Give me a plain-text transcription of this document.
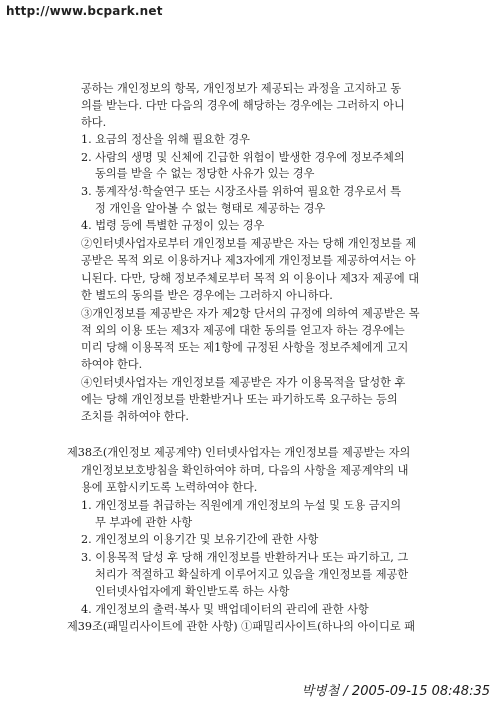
http://www.bcpark.net
공하는 개인정보의 항목, 개인정보가 제공되는 과정을 고지하고 동
의를 받는다. 다만 다음의 경우에 해당하는 경우에는 그러하지 아니
하다.
1. 요금의 정산을 위해 필요한 경우
2. 사람의 생명 및 신체에 긴급한 위험이 발생한 경우에 정보주체의
동의를 받을 수 없는 정당한 사유가 있는 경우
3. 통계작성·학술연구 또는 시장조사를 위하여 필요한 경우로서 특
정 개인을 알아볼 수 없는 형태로 제공하는 경우
4. 법령 등에 특별한 규정이 있는 경우
②인터넷사업자로부터 개인정보를 제공받은 자는 당해 개인정보를 제
공받은 목적 외로 이용하거나 제3자에게 개인정보를 제공하여서는 아
니된다. 다만, 당해 정보주체로부터 목적 외 이용이나 제3자 제공에 대
한 별도의 동의를 받은 경우에는 그러하지 아니하다.
③개인정보를 제공받은 자가 제2항 단서의 규정에 의하여 제공받은 목
적 외의 이용 또는 제3자 제공에 대한 동의를 얻고자 하는 경우에는
미리 당해 이용목적 또는 제1항에 규정된 사항을 정보주체에게 고지
하여야 한다.
④인터넷사업자는 개인정보를 제공받은 자가 이용목적을 달성한 후
에는 당해 개인정보를 반환받거나 또는 파기하도록 요구하는 등의
조치를 취하여야 한다.
제38조(개인정보 제공계약) 인터넷사업자는 개인정보를 제공받는 자의
개인정보보호방침을 확인하여야 하며, 다음의 사항을 제공계약의 내
용에 포함시키도록 노력하여야 한다.
1. 개인정보를 취급하는 직원에게 개인정보의 누설 및 도용 금지의
무 부과에 관한 사항
2. 개인정보의 이용기간 및 보유기간에 관한 사항
3. 이용목적 달성 후 당해 개인정보를 반환하거나 또는 파기하고, 그
처리가 적절하고 확실하게 이루어지고 있음을 개인정보를 제공한
인터넷사업자에게 확인받도록 하는 사항
4. 개인정보의 출력·복사 및 백업데이터의 관리에 관한 사항
제39조(패밀리사이트에 관한 사항) ①패밀리사이트(하나의 아이디로 패
박병철 / 2005-09-15 08:48:35
